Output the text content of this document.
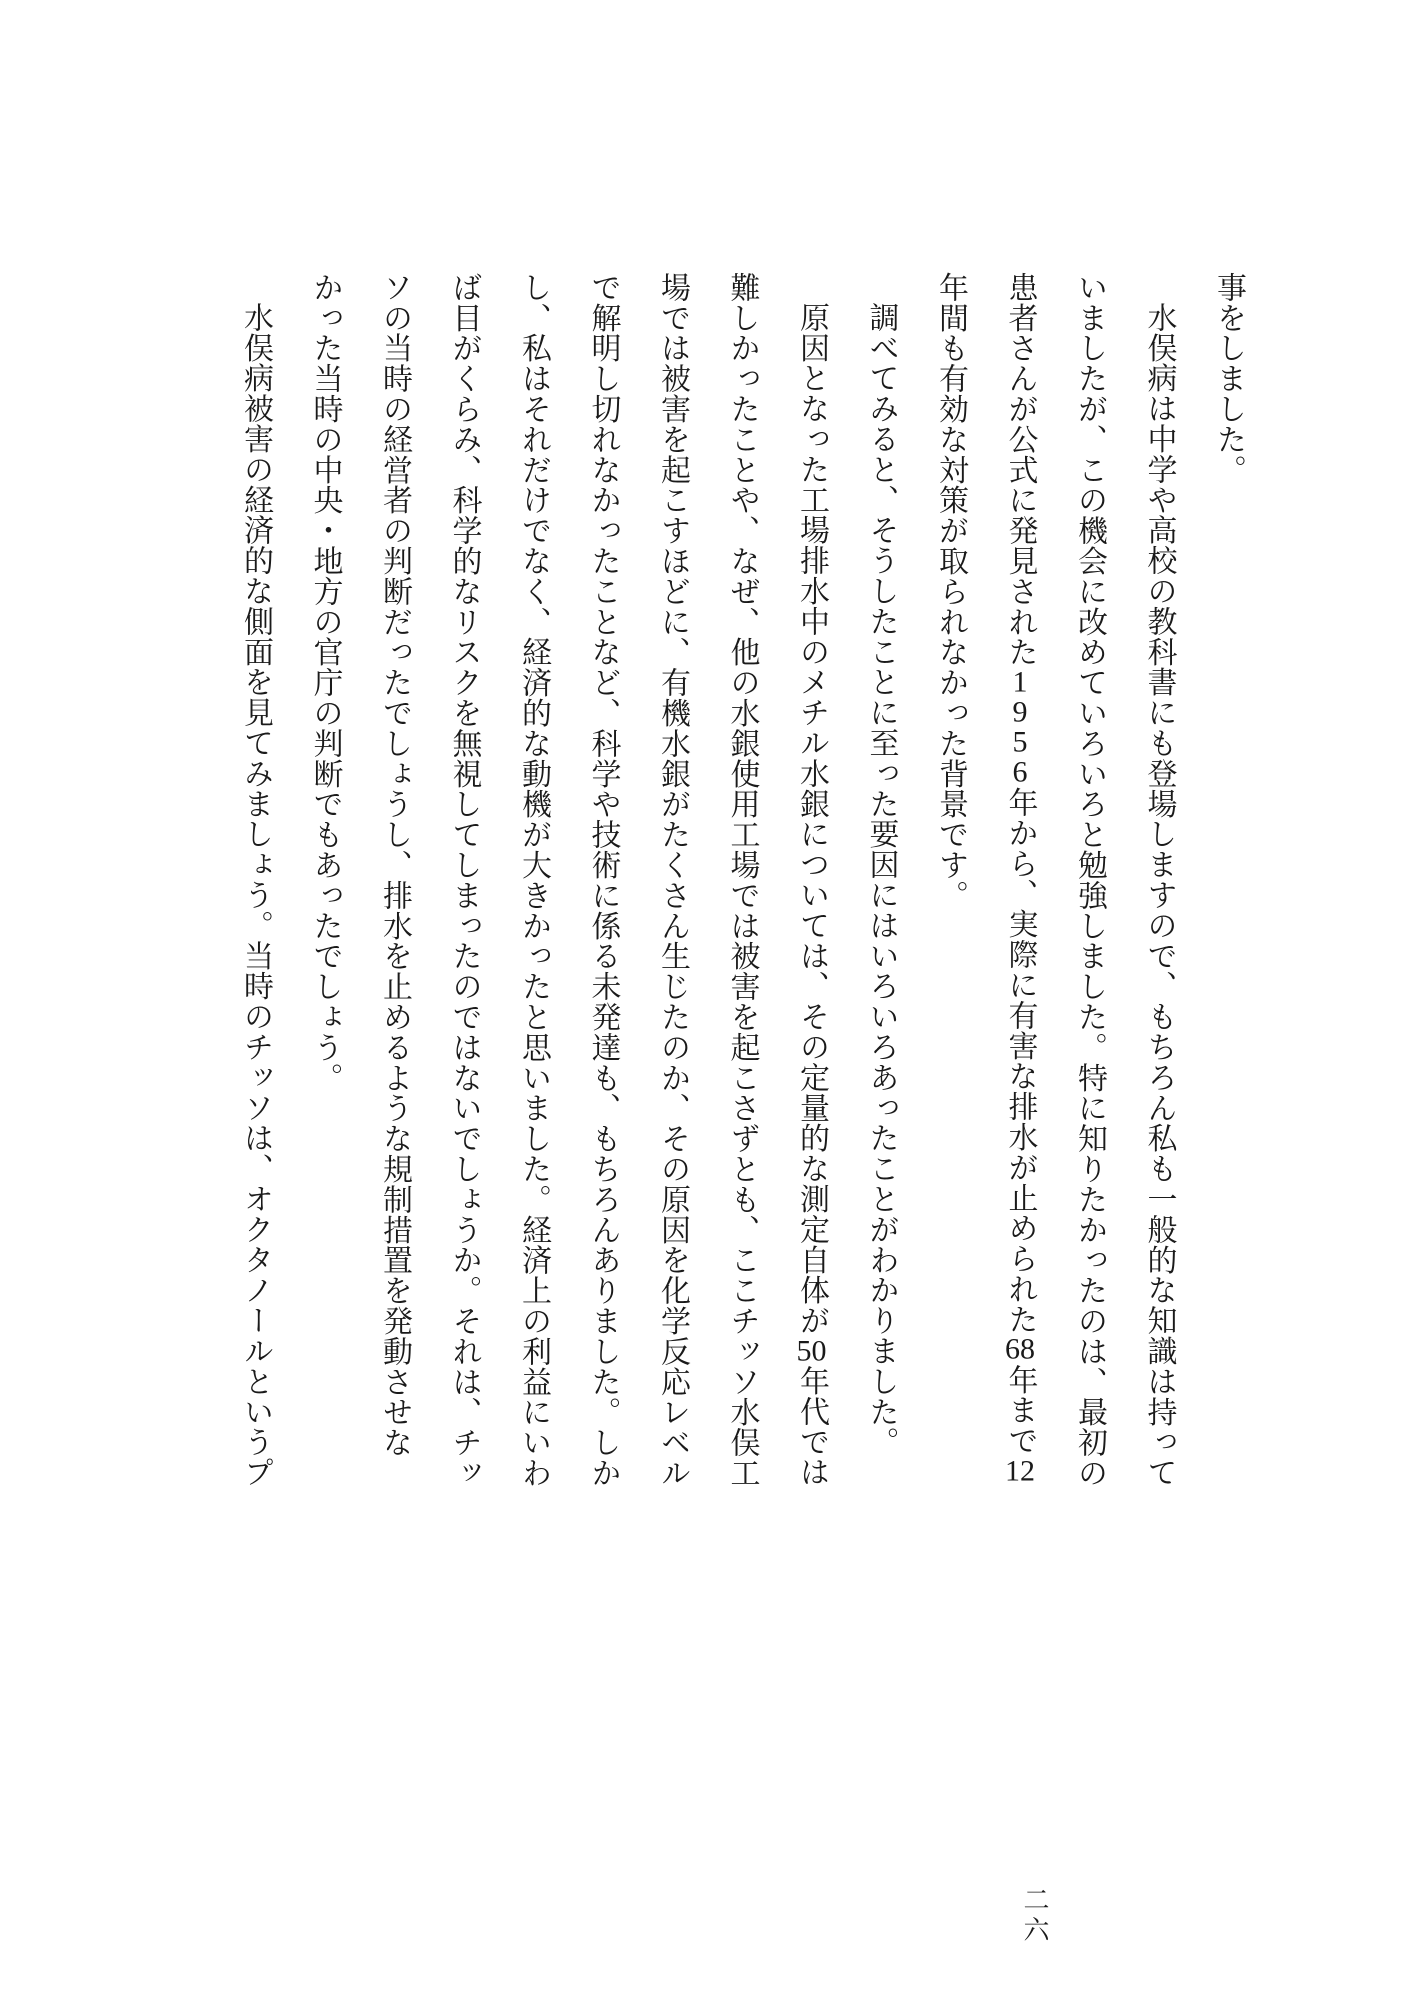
事をしました。
水俣病は中学や高校の教科書にも登場しますので、もちろん私も一般的な知識は持って
いましたが、この機会に改めていろいろと勉強しました。特に知りたかったのは、最初の
患者さんが公式に発見された1956年から、実際に有害な排水が止められた68年まで12
年間も有効な対策が取られなかった背景です。
調べてみると、そうしたことに至った要因にはいろいろあったことがわかりました。
原因となった工場排水中のメチル水銀については、その定量的な測定自体が50年代では
難しかったことや、なぜ、他の水銀使用工場では被害を起こさずとも、ここチッソ水俣工
場では被害を起こすほどに、有機水銀がたくさん生じたのか、その原因を化学反応レベル
で解明し切れなかったことなど、科学や技術に係る未発達も、もちろんありました。しか
し、私はそれだけでなく、経済的な動機が大きかったと思いました。経済上の利益にいわ
ば目がくらみ、科学的なリスクを無視してしまったのではないでしょうか。それは、チッ
ソの当時の経営者の判断だったでしょうし、排水を止めるような規制措置を発動させな
かった当時の中央・地方の官庁の判断でもあったでしょう。
水俣病被害の経済的な側面を見てみましょう。当時のチッソは、オクタノールというプ
二六
